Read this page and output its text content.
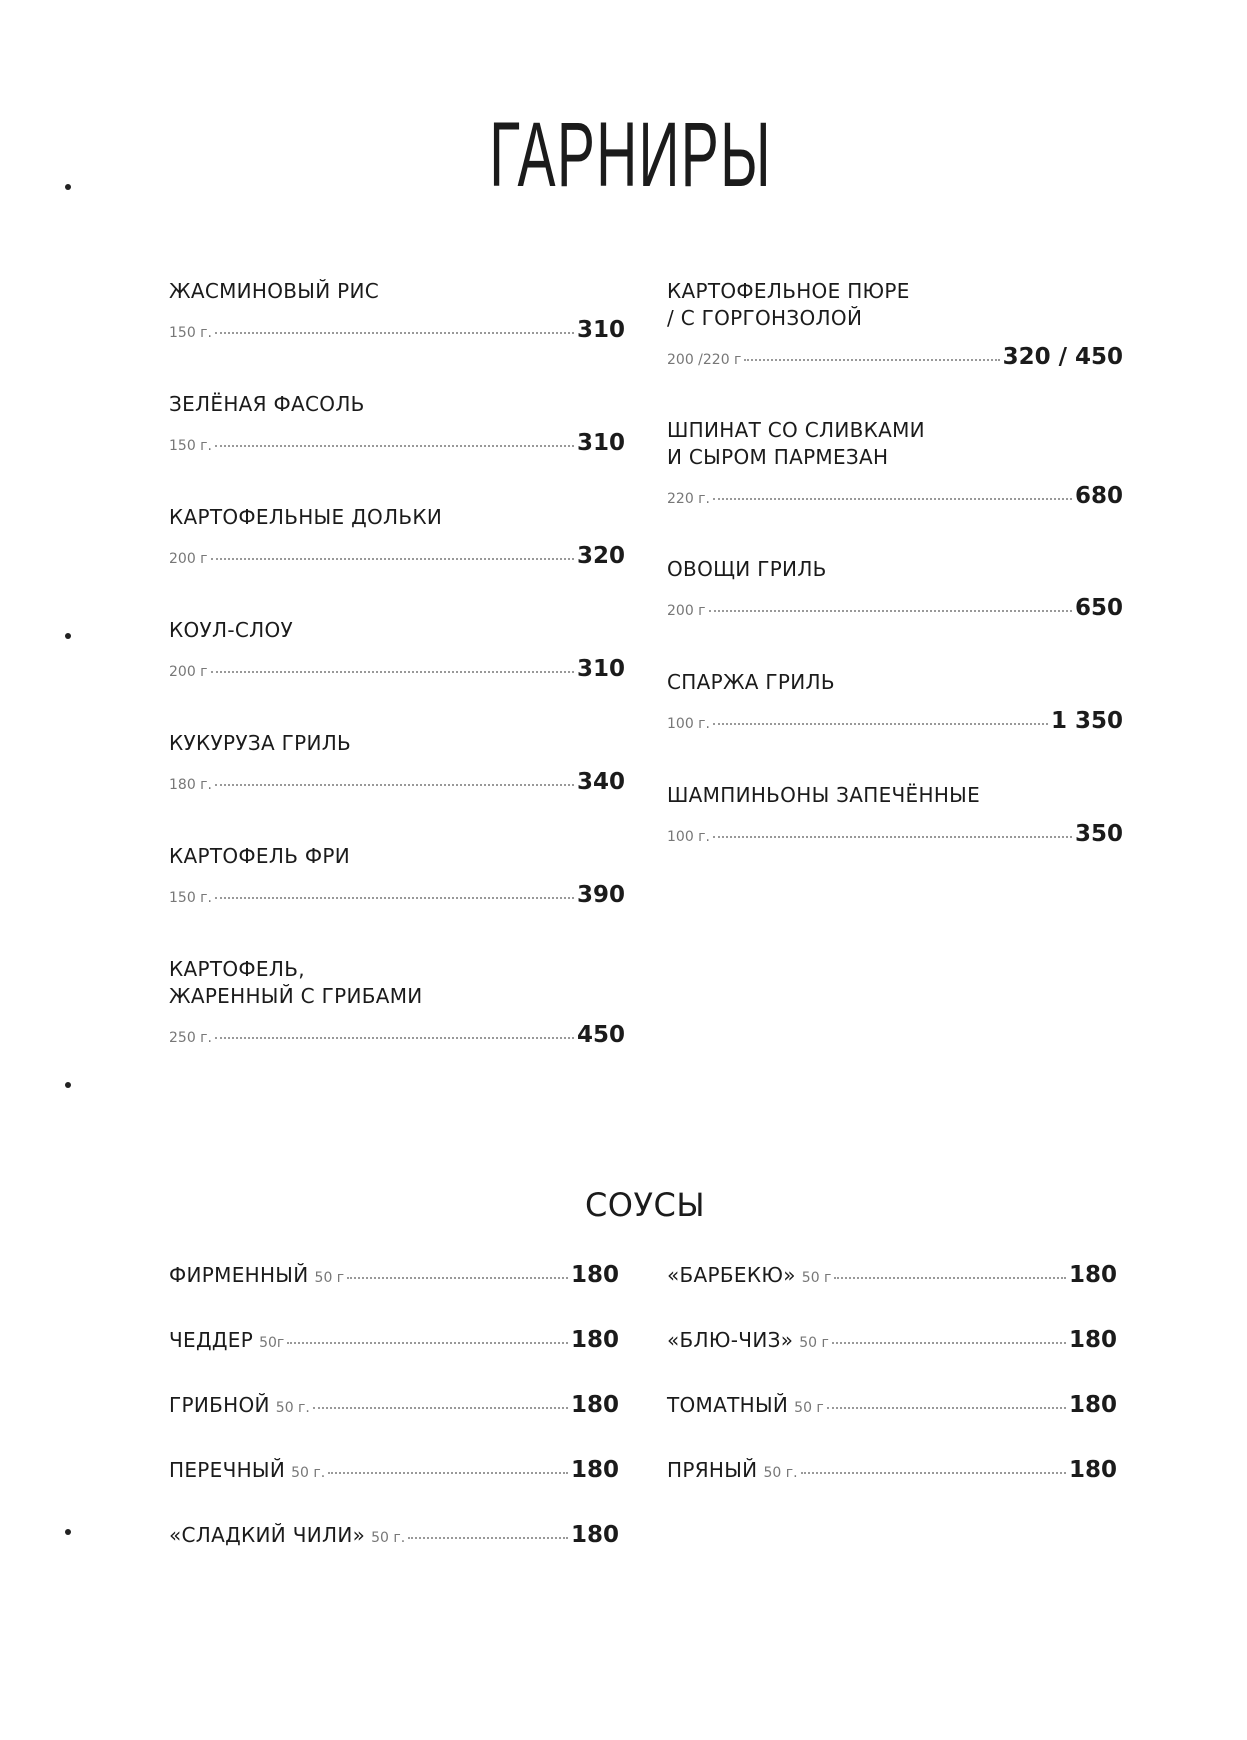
ГАРНИРЫ
ЖАСМИНОВЫЙ РИС
150 г.	310
ЗЕЛЁНАЯ ФАСОЛЬ
150 г.	310
КАРТОФЕЛЬНЫЕ ДОЛЬКИ
200 г	320
КОУЛ-СЛОУ
200 г	310
КУКУРУЗА ГРИЛЬ
180 г.	340
КАРТОФЕЛЬ ФРИ
150 г.	390
КАРТОФЕЛЬ,
ЖАРЕННЫЙ С ГРИБАМИ
250 г.	450
КАРТОФЕЛЬНОЕ ПЮРЕ
/ С ГОРГОНЗОЛОЙ
200 /220 г	320 / 450
ШПИНАТ СО СЛИВКАМИ
И СЫРОМ ПАРМЕЗАН
220 г.	680
ОВОЩИ ГРИЛЬ
200 г	650
СПАРЖА ГРИЛЬ
100 г.	1 350
ШАМПИНЬОНЫ ЗАПЕЧЁННЫЕ
100 г.	350
СОУСЫ
ФИРМЕННЫЙ 50 г	180
ЧЕДДЕР 50г	180
ГРИБНОЙ 50 г.	180
ПЕРЕЧНЫЙ 50 г.	180
«СЛАДКИЙ ЧИЛИ» 50 г.	180
«БАРБЕКЮ» 50 г	180
«БЛЮ-ЧИЗ» 50 г	180
ТОМАТНЫЙ 50 г	180
ПРЯНЫЙ 50 г.	180
